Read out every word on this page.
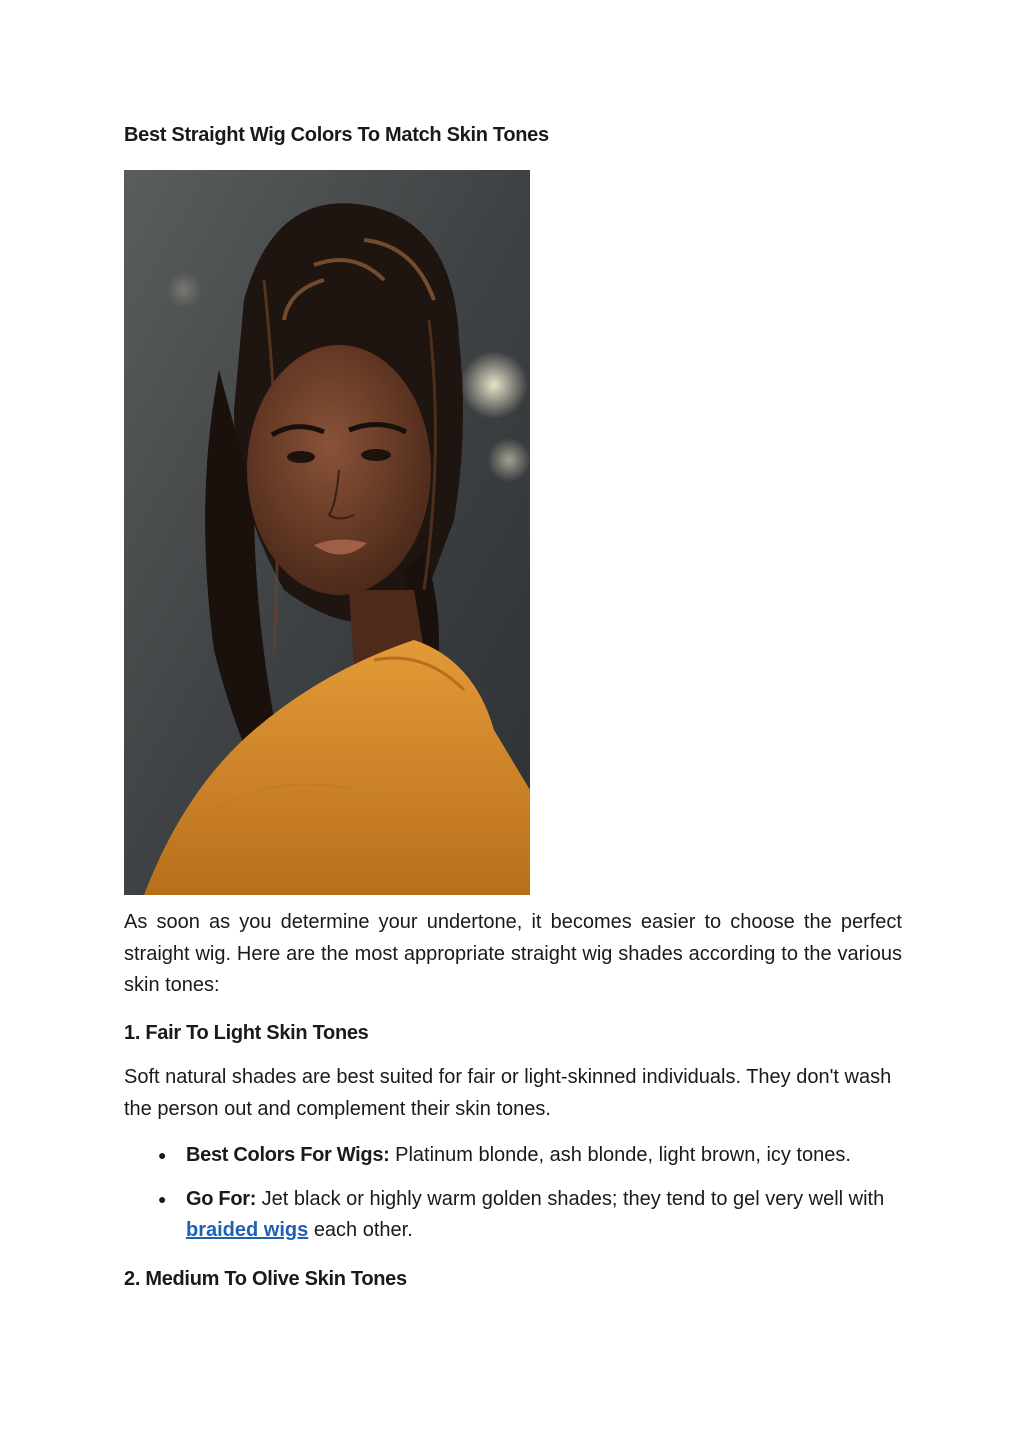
Best Straight Wig Colors To Match Skin Tones

As soon as you determine your undertone, it becomes easier to choose the perfect straight wig. Here are the most appropriate straight wig shades according to the various skin tones:

1. Fair To Light Skin Tones

Soft natural shades are best suited for fair or light-skinned individuals. They don't wash the person out and complement their skin tones.

● Best Colors For Wigs: Platinum blonde, ash blonde, light brown, icy tones.
● Go For: Jet black or highly warm golden shades; they tend to gel very well with braided wigs each other.
2. Medium To Olive Skin Tones
